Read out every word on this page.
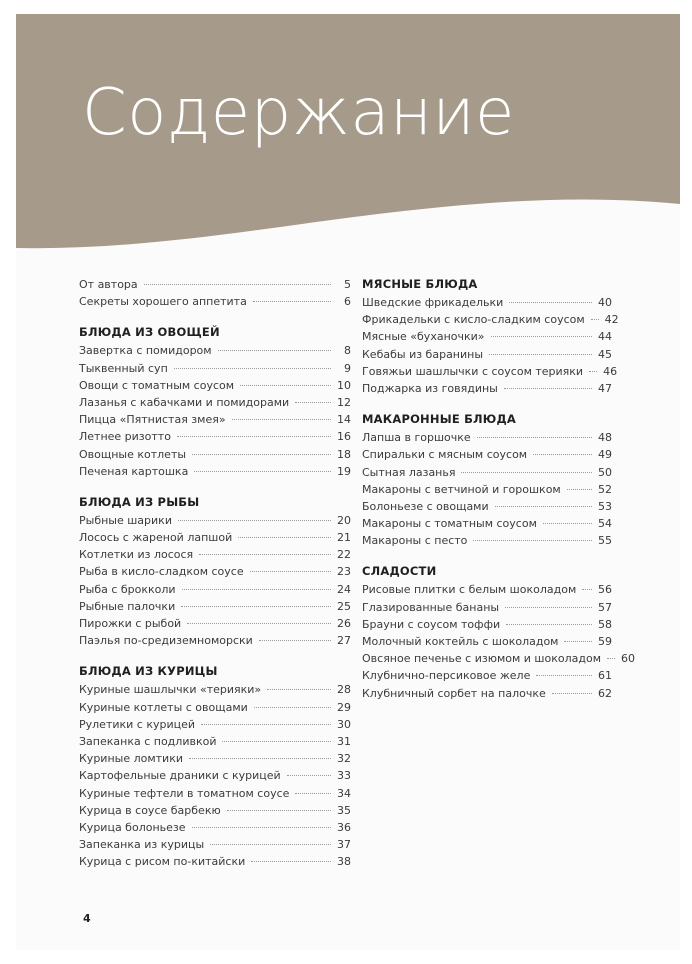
Содержание
От автора	5
Секреты хорошего аппетита	6
БЛЮДА ИЗ ОВОЩЕЙ
Завертка с помидором	8
Тыквенный суп	9
Овощи с томатным соусом	10
Лазанья с кабачками и помидорами	12
Пицца «Пятнистая змея»	14
Летнее ризотто	16
Овощные котлеты	18
Печеная картошка	19
БЛЮДА ИЗ РЫБЫ
Рыбные шарики	20
Лосось с жареной лапшой	21
Котлетки из лосося	22
Рыба в кисло-сладком соусе	23
Рыба с брокколи	24
Рыбные палочки	25
Пирожки с рыбой	26
Паэлья по-средиземноморски	27
БЛЮДА ИЗ КУРИЦЫ
Куриные шашлычки «терияки»	28
Куриные котлеты с овощами	29
Рулетики с курицей	30
Запеканка с подливкой	31
Куриные ломтики	32
Картофельные драники с курицей	33
Куриные тефтели в томатном соусе	34
Курица в соусе барбекю	35
Курица болоньезе	36
Запеканка из курицы	37
Курица с рисом по-китайски	38
МЯСНЫЕ БЛЮДА
Шведские фрикадельки	40
Фрикадельки с кисло-сладким соусом 42
Мясные «буханочки»	44
Кебабы из баранины	45
Говяжьи шашлычки с соусом терияки 46
Поджарка из говядины	47
МАКАРОННЫЕ БЛЮДА
Лапша в горшочке	48
Спиральки с мясным соусом	49
Сытная лазанья	50
Макароны с ветчиной и горошком	52
Болоньезе с овощами	53
Макароны с томатным соусом	54
Макароны с песто	55
СЛАДОСТИ
Рисовые плитки с белым шоколадом 56
Глазированные бананы	57
Брауни с соусом тоффи	58
Молочный коктейль с шоколадом	59
Овсяное печенье с изюмом и шоколадом 60
Клубнично-персиковое желе	61
Клубничный сорбет на палочке	62
4
